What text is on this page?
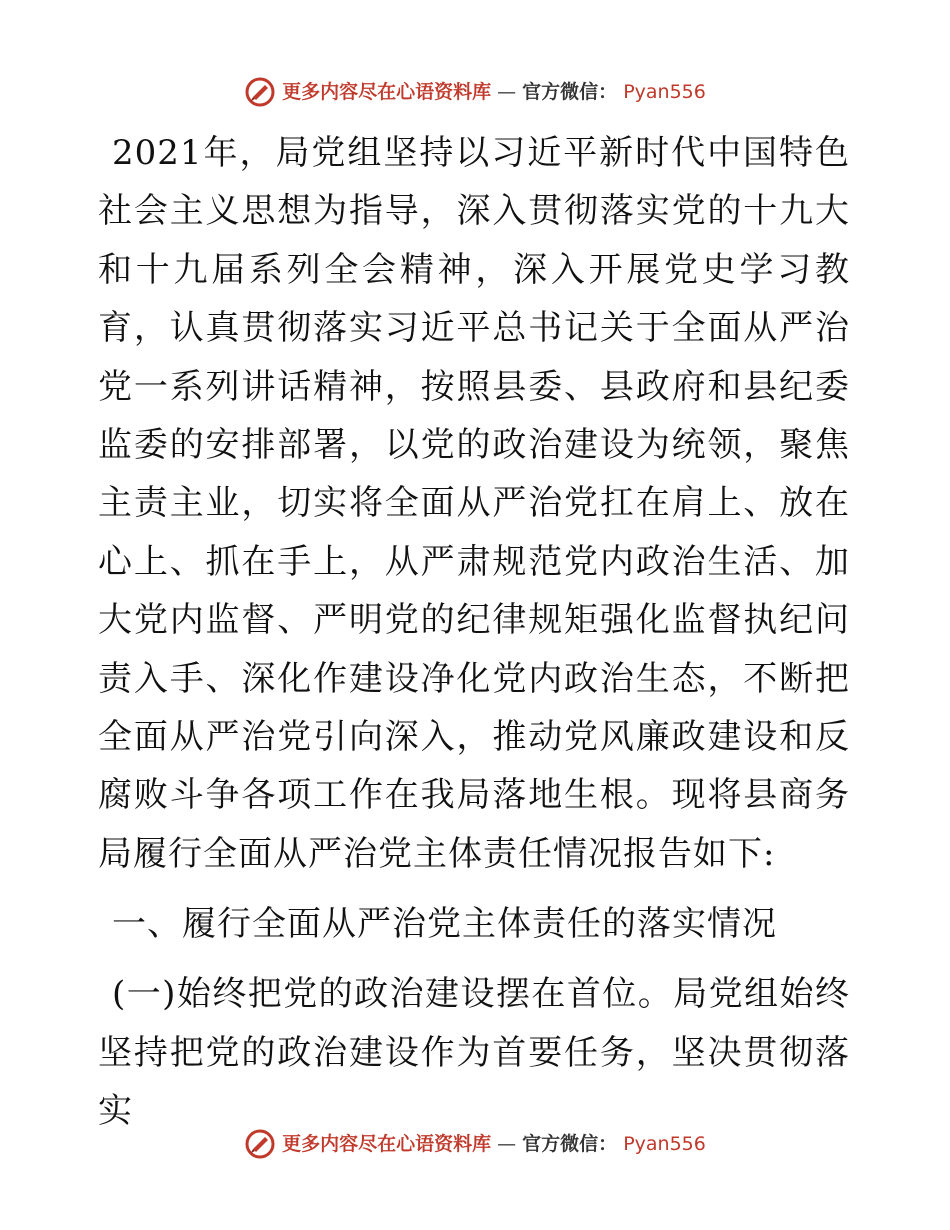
更多内容尽在心语资料库 — 官方微信： Pyan556

2021年，局党组坚持以习近平新时代中国特色社会主义思想为指导，深入贯彻落实党的十九大和十九届系列全会精神，深入开展党史学习教育，认真贯彻落实习近平总书记关于全面从严治党一系列讲话精神，按照县委、县政府和县纪委监委的安排部署，以党的政治建设为统领，聚焦主责主业，切实将全面从严治党扛在肩上、放在心上、抓在手上，从严肃规范党内政治生活、加大党内监督、严明党的纪律规矩强化监督执纪问责入手、深化作建设净化党内政治生态，不断把全面从严治党引向深入，推动党风廉政建设和反腐败斗争各项工作在我局落地生根。现将县商务局履行全面从严治党主体责任情况报告如下:

一、履行全面从严治党主体责任的落实情况

(一)始终把党的政治建设摆在首位。局党组始终坚持把党的政治建设作为首要任务，坚决贯彻落实

更多内容尽在心语资料库 — 官方微信： Pyan556
